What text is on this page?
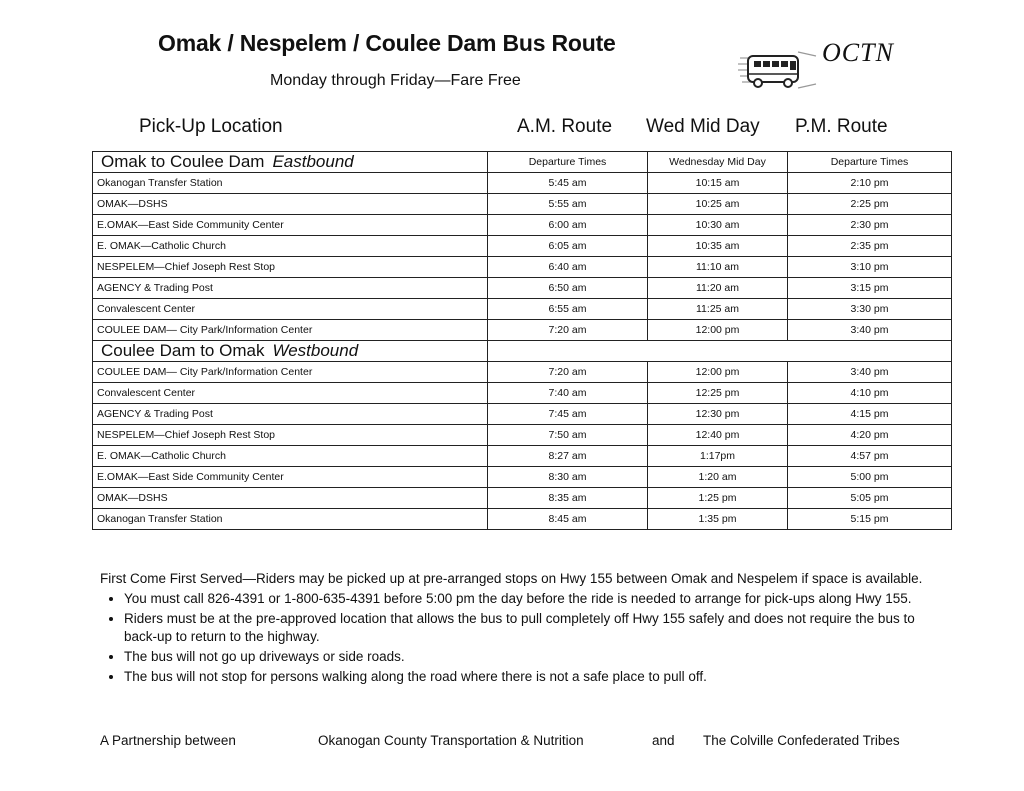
Omak / Nespelem / Coulee Dam Bus Route
Monday through Friday—Fare Free
OCTN
Pick-Up Location	A.M. Route Wed Mid Day P.M. Route
Omak to Coulee Dam Eastbound	Departure Times	Wednesday Mid Day	Departure Times
Okanogan Transfer Station	5:45 am	10:15 am	2:10 pm
OMAK—DSHS	5:55 am	10:25 am	2:25 pm
E.OMAK—East Side Community Center	6:00 am	10:30 am	2:30 pm
E. OMAK—Catholic Church	6:05 am	10:35 am	2:35 pm
NESPELEM—Chief Joseph Rest Stop	6:40 am	11:10 am	3:10 pm
AGENCY & Trading Post	6:50 am	11:20 am	3:15 pm
Convalescent Center	6:55 am	11:25 am	3:30 pm
COULEE DAM— City Park/Information Center	7:20 am	12:00 pm	3:40 pm
Coulee Dam to Omak Westbound			
COULEE DAM— City Park/Information Center	7:20 am	12:00 pm	3:40 pm
Convalescent Center	7:40 am	12:25 pm	4:10 pm
AGENCY & Trading Post	7:45 am	12:30 pm	4:15 pm
NESPELEM—Chief Joseph Rest Stop	7:50 am	12:40 pm	4:20 pm
E. OMAK—Catholic Church	8:27 am	1:17pm	4:57 pm
E.OMAK—East Side Community Center	8:30 am	1:20 am	5:00 pm
OMAK—DSHS	8:35 am	1:25 pm	5:05 pm
Okanogan Transfer Station	8:45 am	1:35 pm	5:15 pm

First Come First Served—Riders may be picked up at pre-arranged stops on Hwy 155 between Omak and Nespelem if space is available.

• You must call 826-4391 or 1-800-635-4391 before 5:00 pm the day before the ride is needed to arrange for pick-ups along Hwy 155.
• Riders must be at the pre-approved location that allows the bus to pull completely off Hwy 155 safely and does not require the bus to back-up to return to the highway.
• The bus will not go up driveways or side roads.
• The bus will not stop for persons walking along the road where there is not a safe place to pull off.
A Partnership between	Okanogan County Transportation & Nutrition	and The Colville Confederated Tribes
